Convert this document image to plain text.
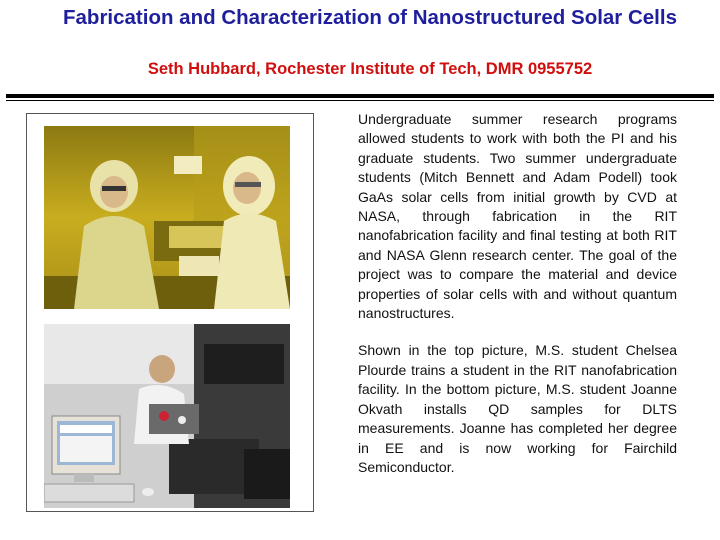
Fabrication and Characterization of Nanostructured Solar Cells
Seth Hubbard, Rochester Institute of Tech, DMR 0955752

Undergraduate summer research programs allowed students to work with both the PI and his graduate students. Two summer undergraduate students (Mitch Bennett and Adam Podell) took GaAs solar cells from initial growth by CVD at NASA, through fabrication in the RIT nanofabrication facility and final testing at both RIT and NASA Glenn research center. The goal of the project was to compare the material and device properties of solar cells with and without quantum nanostructures.

Shown in the top picture, M.S. student Chelsea Plourde trains a student in the RIT nanofabrication facility. In the bottom picture, M.S. student Joanne Okvath installs QD samples for DLTS measurements. Joanne has completed her degree in EE and is now working for Fairchild Semiconductor.
